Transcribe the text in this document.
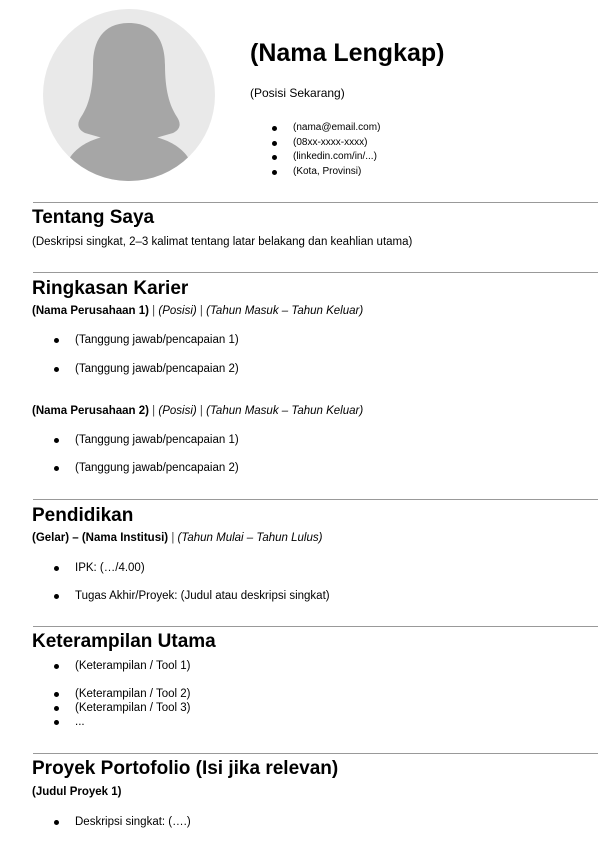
(Nama Lengkap)
(Posisi Sekarang)
(nama@email.com)
(08xx-xxxx-xxxx)
(linkedin.com/in/...)
(Kota, Provinsi)
Tentang Saya
(Deskripsi singkat, 2–3 kalimat tentang latar belakang dan keahlian utama)
Ringkasan Karier
(Nama Perusahaan 1) | (Posisi) | (Tahun Masuk – Tahun Keluar)
(Tanggung jawab/pencapaian 1)
(Tanggung jawab/pencapaian 2)
(Nama Perusahaan 2) | (Posisi) | (Tahun Masuk – Tahun Keluar)
(Tanggung jawab/pencapaian 1)
(Tanggung jawab/pencapaian 2)
Pendidikan
(Gelar) – (Nama Institusi) | (Tahun Mulai – Tahun Lulus)
IPK: (…/4.00)
Tugas Akhir/Proyek: (Judul atau deskripsi singkat)
Keterampilan Utama
(Keterampilan / Tool 1)
(Keterampilan / Tool 2)
(Keterampilan / Tool 3)
...
Proyek Portofolio (Isi jika relevan)
(Judul Proyek 1)
Deskripsi singkat: (….)
